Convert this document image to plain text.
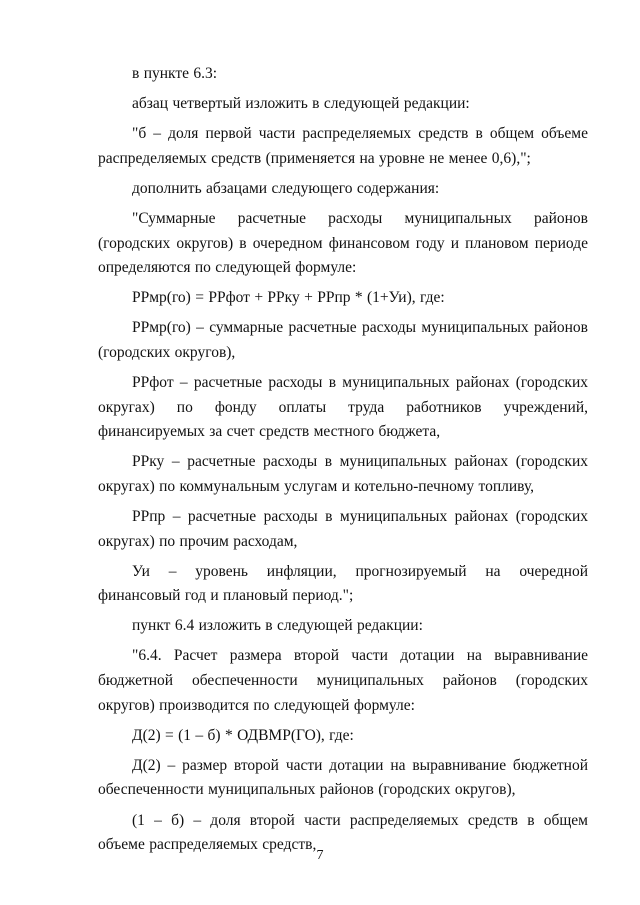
в пункте 6.3:

абзац четвертый изложить в следующей редакции:

"б – доля первой части распределяемых средств в общем объеме распределяемых средств (применяется на уровне не менее 0,6),";

дополнить абзацами следующего содержания:

"Суммарные расчетные расходы муниципальных районов (городских округов) в очередном финансовом году и плановом периоде определяются по следующей формуле:

РРмр(го) = РРфот + РРку + РРпр * (1+Уи), где:

РРмр(го) – суммарные расчетные расходы муниципальных районов (городских округов),

РРфот – расчетные расходы в муниципальных районах (городских округах) по фонду оплаты труда работников учреждений, финансируемых за счет средств местного бюджета,

РРку – расчетные расходы в муниципальных районах (городских округах) по коммунальным услугам и котельно-печному топливу,

РРпр – расчетные расходы в муниципальных районах (городских округах) по прочим расходам,

Уи – уровень инфляции, прогнозируемый на очередной финансовый год и плановый период.";

пункт 6.4 изложить в следующей редакции:

"6.4. Расчет размера второй части дотации на выравнивание бюджетной обеспеченности муниципальных районов (городских округов) производится по следующей формуле:

Д(2) = (1 – б) * ОДВМР(ГО), где:

Д(2) – размер второй части дотации на выравнивание бюджетной обеспеченности муниципальных районов (городских округов),

(1 – б) – доля второй части распределяемых средств в общем объеме распределяемых средств,

7
